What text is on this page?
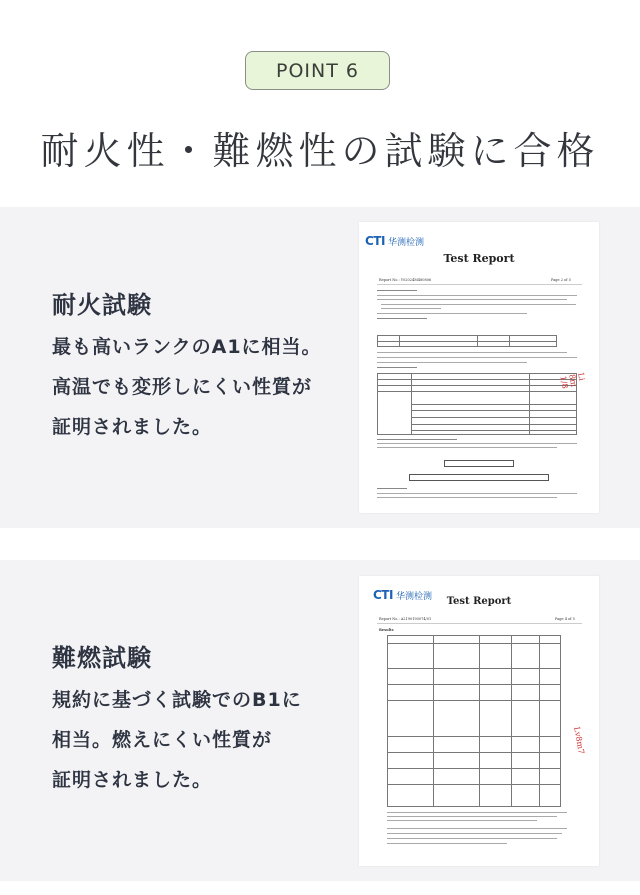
POINT 6
耐火性・難燃性の試験に合格
耐火試験
最も高いランクのA1に相当。
高温でも変形しにくい性質が
証明されました。
CTI 华测检测
Test Report
Report No.: Y02024M480806	Page 2 of 5
Li 8m 1/8
難燃試験
規約に基づく試験でのB1に
相当。燃えにくい性質が
証明されました。
CTI 华测检测	Test Report
Report No.: A2190190074/01	Page 4 of 5
Results
Lv8m7
